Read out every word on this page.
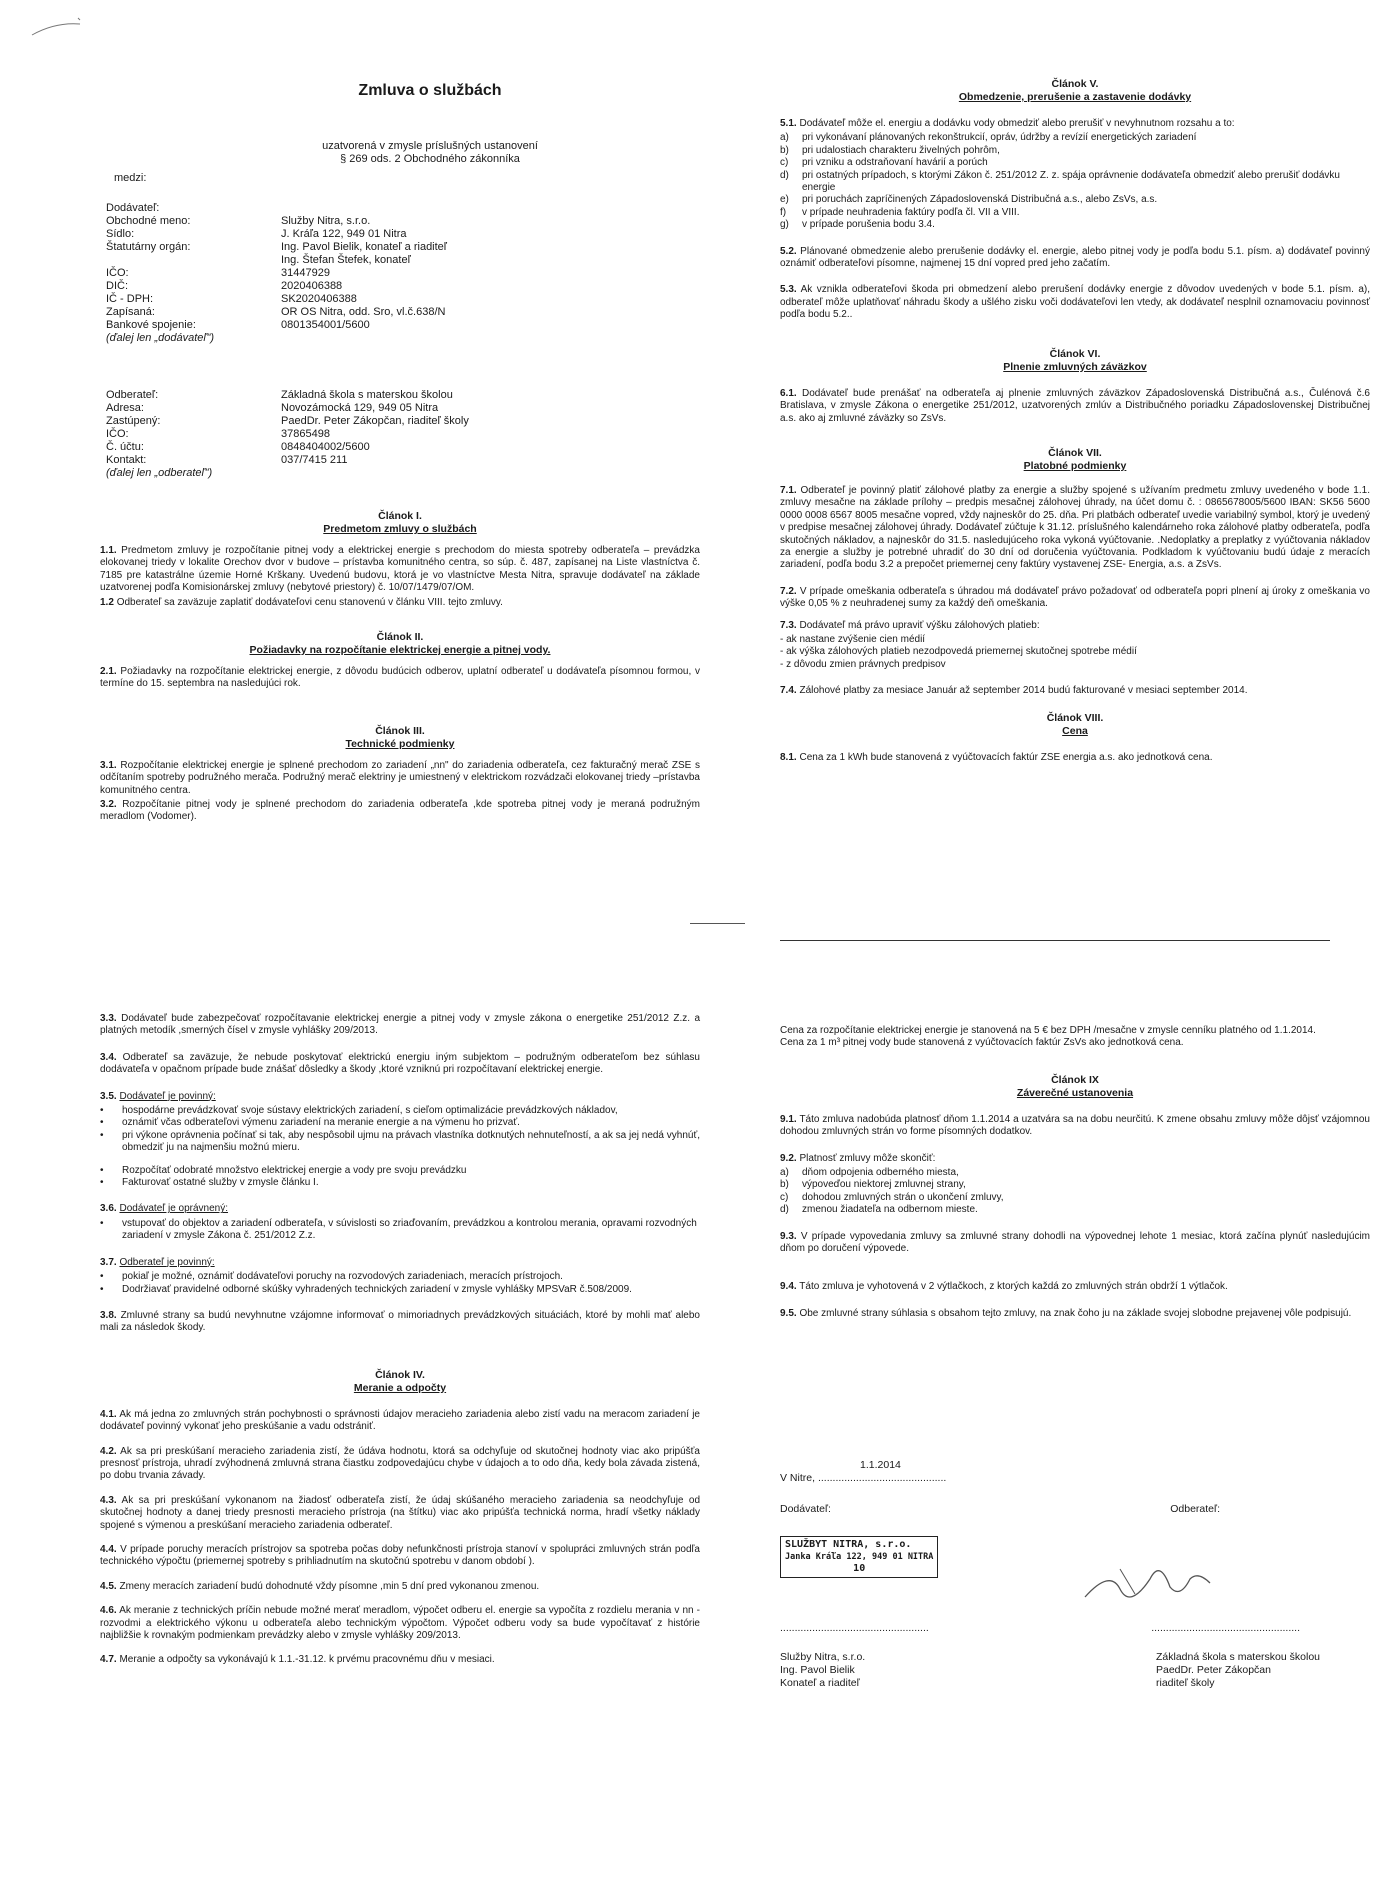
Zmluva o službách
uzatvorená v zmysle príslušných ustanovení
§ 269 ods. 2 Obchodného zákonníka
medzi:
Dodávateľ:
Obchodné meno:	Služby Nitra, s.r.o.
Sídlo:	J. Kráľa 122, 949 01 Nitra
Štatutárny orgán:	Ing. Pavol Bielik, konateľ a riaditeľ
Ing. Štefan Štefek, konateľ
IČO:	31447929
DIČ:	2020406388
IČ - DPH:	SK2020406388
Zapísaná:	OR OS Nitra, odd. Sro, vl.č.638/N
Bankové spojenie:	0801354001/5600
(ďalej len „dodávateľ")
Odberateľ:	Základná škola s materskou školou
Adresa:	Novozámocká 129, 949 05 Nitra
Zastúpený:	PaedDr. Peter Zákopčan, riaditeľ školy
IČO:	37865498
Č. účtu:	0848404002/5600
Kontakt:	037/7415 211
(ďalej len „odberateľ")
Článok I.
Predmetom zmluvy o službách
1.1. Predmetom zmluvy je rozpočítanie pitnej vody a elektrickej energie s prechodom do miesta spotreby odberateľa – prevádzka elokovanej triedy v lokalite Orechov dvor v budove – prístavba komunitného centra, so súp. č. 487, zapísanej na Liste vlastníctva č. 7185 pre katastrálne územie Horné Krškany. Uvedenú budovu, ktorá je vo vlastníctve Mesta Nitra, spravuje dodávateľ na základe uzatvorenej podľa Komisionárskej zmluvy (nebytové priestory) č. 10/07/1479/07/OM.
1.2 Odberateľ sa zaväzuje zaplatiť dodávateľovi cenu stanovenú v článku VIII. tejto zmluvy.
Článok II.
Požiadavky na rozpočítanie elektrickej energie a pitnej vody.
2.1. Požiadavky na rozpočítanie elektrickej energie, z dôvodu budúcich odberov, uplatní odberateľ u dodávateľa písomnou formou, v termíne do 15. septembra na nasledujúci rok.
Článok III.
Technické podmienky
3.1. Rozpočítanie elektrickej energie je splnené prechodom zo zariadení „nn" do zariadenia odberateľa, cez fakturačný merač ZSE s odčítaním spotreby podružného merača. Podružný merač elektriny je umiestnený v elektrickom rozvádzači elokovanej triedy –prístavba komunitného centra.
3.2. Rozpočítanie pitnej vody je splnené prechodom do zariadenia odberateľa ,kde spotreba pitnej vody je meraná podružným meradlom (Vodomer).
Článok V.
Obmedzenie, prerušenie a zastavenie dodávky
5.1. Dodávateľ môže el. energiu a dodávku vody obmedziť alebo prerušiť v nevyhnutnom rozsahu a to:
a)	pri vykonávaní plánovaných rekonštrukcií, opráv, údržby a revízií energetických zariadení
b)	pri udalostiach charakteru živelných pohrôm,
c)	pri vzniku a odstraňovaní havárií a porúch
d)	pri ostatných prípadoch, s ktorými Zákon č. 251/2012 Z. z. spája oprávnenie dodávateľa obmedziť alebo prerušiť dodávku energie
e)	pri poruchách zapríčinených Západoslovenská Distribučná a.s., alebo ZsVs, a.s.
f)	v prípade neuhradenia faktúry podľa čl. VII a VIII.
g)	v prípade porušenia bodu 3.4.
5.2. Plánované obmedzenie alebo prerušenie dodávky el. energie, alebo pitnej vody je podľa bodu 5.1. písm. a) dodávateľ povinný oznámiť odberateľovi písomne, najmenej 15 dní vopred pred jeho začatím.
5.3. Ak vznikla odberateľovi škoda pri obmedzení alebo prerušení dodávky energie z dôvodov uvedených v bode 5.1. písm. a), odberateľ môže uplatňovať náhradu škody a ušlého zisku voči dodávateľovi len vtedy, ak dodávateľ nesplnil oznamovaciu povinnosť podľa bodu 5.2..
Článok VI.
Plnenie zmluvných záväzkov
6.1. Dodávateľ bude prenášať na odberateľa aj plnenie zmluvných záväzkov Západoslovenská Distribučná a.s., Čulénová č.6 Bratislava, v zmysle Zákona o energetike 251/2012, uzatvorených zmlúv a Distribučného poriadku Západoslovenskej Distribučnej a.s. ako aj zmluvné záväzky so ZsVs.
Článok VII.
Platobné podmienky
7.1. Odberateľ je povinný platiť zálohové platby za energie a služby spojené s užívaním predmetu zmluvy uvedeného v bode 1.1. zmluvy mesačne na základe prílohy – predpis mesačnej zálohovej úhrady, na účet domu č. : 0865678005/5600 IBAN: SK56 5600 0000 0008 6567 8005 mesačne vopred, vždy najneskôr do 25. dňa. Pri platbách odberateľ uvedie variabilný symbol, ktorý je uvedený v predpise mesačnej zálohovej úhrady. Dodávateľ zúčtuje k 31.12. príslušného kalendárneho roka zálohové platby odberateľa, podľa skutočných nákladov, a najneskôr do 31.5. nasledujúceho roka vykoná vyúčtovanie. .Nedoplatky a preplatky z vyúčtovania nákladov za energie a služby je potrebné uhradiť do 30 dní od doručenia vyúčtovania. Podkladom k vyúčtovaniu budú údaje z meracích zariadení, podľa bodu 3.2 a prepočet priemernej ceny faktúry vystavenej ZSE- Energia, a.s. a ZsVs.
7.2. V prípade omeškania odberateľa s úhradou má dodávateľ právo požadovať od odberateľa popri plnení aj úroky z omeškania vo výške 0,05 % z neuhradenej sumy za každý deň omeškania.
7.3. Dodávateľ má právo upraviť výšku zálohových platieb:
- ak nastane zvýšenie cien médií
- ak výška zálohových platieb nezodpovedá priemernej skutočnej spotrebe médií
- z dôvodu zmien právnych predpisov
7.4. Zálohové platby za mesiace Január až september 2014 budú fakturované v mesiaci september 2014.
Článok VIII.
Cena
8.1. Cena za 1 kWh bude stanovená z vyúčtovacích faktúr ZSE energia a.s. ako jednotková cena.
3.3. Dodávateľ bude zabezpečovať rozpočítavanie elektrickej energie a pitnej vody v zmysle zákona o energetike 251/2012 Z.z. a platných metodík ,smerných čísel v zmysle vyhlášky 209/2013.
3.4. Odberateľ sa zaväzuje, že nebude poskytovať elektrickú energiu iným subjektom – podružným odberateľom bez súhlasu dodávateľa v opačnom prípade bude znášať dôsledky a škody ,ktoré vzniknú pri rozpočítavaní elektrickej energie.
3.5. Dodávateľ je povinný:
•	hospodárne prevádzkovať svoje sústavy elektrických zariadení, s cieľom optimalizácie prevádzkových nákladov,
•	oznámiť včas odberateľovi výmenu zariadení na meranie energie a na výmenu ho prizvať.
•	pri výkone oprávnenia počínať si tak, aby nespôsobil ujmu na právach vlastníka dotknutých nehnuteľností, a ak sa jej nedá vyhnúť, obmedziť ju na najmenšiu možnú mieru.
•	Rozpočítať odobraté množstvo elektrickej energie a vody pre svoju prevádzku
•	Fakturovať ostatné služby v zmysle článku I.
3.6. Dodávateľ je oprávnený:
•	vstupovať do objektov a zariadení odberateľa, v súvislosti so zriaďovaním, prevádzkou a kontrolou merania, opravami rozvodných zariadení v zmysle Zákona č. 251/2012 Z.z.
3.7. Odberateľ je povinný:
•	pokiaľ je možné, oznámiť dodávateľovi poruchy na rozvodových zariadeniach, meracích prístrojoch.
•	Dodržiavať pravidelné odborné skúšky vyhradených technických zariadení v zmysle vyhlášky MPSVaR č.508/2009.
3.8. Zmluvné strany sa budú nevyhnutne vzájomne informovať o mimoriadnych prevádzkových situáciách, ktoré by mohli mať alebo mali za následok škody.
Článok IV.
Meranie a odpočty
4.1. Ak má jedna zo zmluvných strán pochybnosti o správnosti údajov meracieho zariadenia alebo zistí vadu na meracom zariadení je dodávateľ povinný vykonať jeho preskúšanie a vadu odstrániť.
4.2. Ak sa pri preskúšaní meracieho zariadenia zistí, že údáva hodnotu, ktorá sa odchyľuje od skutočnej hodnoty viac ako pripúšťa presnosť prístroja, uhradí zvýhodnená zmluvná strana čiastku zodpovedajúcu chybe v údajoch a to odo dňa, kedy bola závada zistená, po dobu trvania závady.
4.3. Ak sa pri preskúšaní vykonanom na žiadosť odberateľa zistí, že údaj skúšaného meracieho zariadenia sa neodchyľuje od skutočnej hodnoty a danej triedy presnosti meracieho prístroja (na štítku) viac ako pripúšťa technická norma, hradí všetky náklady spojené s výmenou a preskúšaní meracieho zariadenia odberateľ.
4.4. V prípade poruchy meracích prístrojov sa spotreba počas doby nefunkčnosti prístroja stanoví v spolupráci zmluvných strán podľa technického výpočtu (priemernej spotreby s prihliadnutím na skutočnú spotrebu v danom období ).
4.5. Zmeny meracích zariadení budú dohodnuté vždy písomne ,min 5 dní pred vykonanou zmenou.
4.6. Ak meranie z technických príčin nebude možné merať meradlom, výpočet odberu el. energie sa vypočíta z rozdielu merania v nn - rozvodmi a elektrického výkonu u odberateľa alebo technickým výpočtom. Výpočet odberu vody sa bude vypočítavať z histórie najbližšie k rovnakým podmienkam prevádzky alebo v zmysle vyhlášky 209/2013.
4.7. Meranie a odpočty sa vykonávajú k 1.1.-31.12. k prvému pracovnému dňu v mesiaci.
Cena za rozpočítanie elektrickej energie je stanovená na 5 € bez DPH /mesačne v zmysle cenníku platného od 1.1.2014.
Cena za 1 m³ pitnej vody bude stanovená z vyúčtovacích faktúr ZsVs ako jednotková cena.
Článok IX
Záverečné ustanovenia
9.1. Táto zmluva nadobúda platnosť dňom 1.1.2014 a uzatvára sa na dobu neurčitú. K zmene obsahu zmluvy môže dôjsť vzájomnou dohodou zmluvných strán vo forme písomných dodatkov.
9.2. Platnosť zmluvy môže skončiť:
a)	dňom odpojenia odberného miesta,
b)	výpoveďou niektorej zmluvnej strany,
c)	dohodou zmluvných strán o ukončení zmluvy,
d)	zmenou žiadateľa na odbernom mieste.
9.3. V prípade vypovedania zmluvy sa zmluvné strany dohodli na výpovednej lehote 1 mesiac, ktorá začína plynúť nasledujúcim dňom po doručení výpovede.
9.4. Táto zmluva je vyhotovená v 2 výtlačkoch, z ktorých každá zo zmluvných strán obdrží 1 výtlačok.
9.5. Obe zmluvné strany súhlasia s obsahom tejto zmluvy, na znak čoho ju na základe svojej slobodne prejavenej vôle podpisujú.
1.1.2014
V Nitre, ............................................
Dodávateľ:	Odberateľ:
SLUŽBYT NITRA, s.r.o.
Janka Kráľa 122, 949 01 NITRA
10
...................................................	...................................................
Služby Nitra, s.r.o.
Ing. Pavol Bielik
Konateľ a riaditeľ
Základná škola s materskou školou
PaedDr. Peter Zákopčan
riaditeľ školy
